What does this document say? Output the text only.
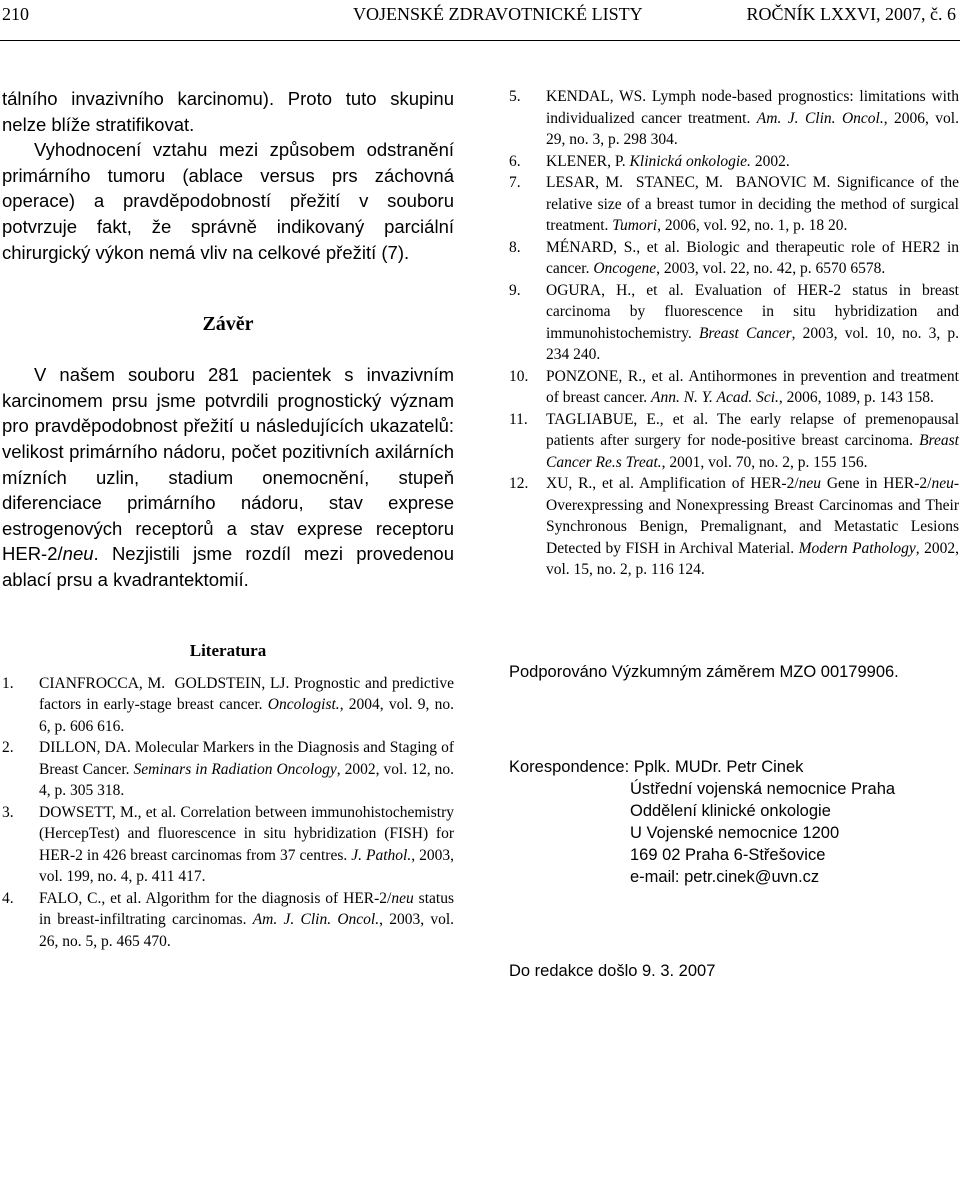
210	VOJENSKÉ ZDRAVOTNICKÉ LISTY	ROČNÍK LXXVI, 2007, č. 6

tálního invazivního karcinomu). Proto tuto skupinu nelze blíže stratifikovat.

Vyhodnocení vztahu mezi způsobem odstranění primárního tumoru (ablace versus prs záchovná operace) a pravděpodobností přežití v souboru potvrzuje fakt, že správně indikovaný parciální chirurgický výkon nemá vliv na celkové přežití (7).

Závěr

V našem souboru 281 pacientek s invazivním karcinomem prsu jsme potvrdili prognostický význam pro pravděpodobnost přežití u následujících ukazatelů: velikost primárního nádoru, počet pozitivních axilárních mízních uzlin, stadium onemocnění, stupeň diferenciace primárního nádoru, stav exprese estrogenových receptorů a stav exprese receptoru HER-2/neu. Nezjistili jsme rozdíl mezi provedenou ablací prsu a kvadrantektomií.

Literatura
1. CIANFROCCA, M.  GOLDSTEIN, LJ. Prognostic and predictive factors in early-stage breast cancer. Oncologist., 2004, vol. 9, no. 6, p. 606 616.
2. DILLON, DA. Molecular Markers in the Diagnosis and Staging of Breast Cancer. Seminars in Radiation Oncology, 2002, vol. 12, no. 4, p. 305 318.
3. DOWSETT, M., et al. Correlation between immunohistochemistry (HercepTest) and fluorescence in situ hybridization (FISH) for HER-2 in 426 breast carcinomas from 37 centres. J. Pathol., 2003, vol. 199, no. 4, p. 411 417.
4. FALO, C., et al. Algorithm for the diagnosis of HER-2/neu status in breast-infiltrating carcinomas. Am. J. Clin. Oncol., 2003, vol. 26, no. 5, p. 465 470.
5. KENDAL, WS. Lymph node-based prognostics: limitations with individualized cancer treatment. Am. J. Clin. Oncol., 2006, vol. 29, no. 3, p. 298 304.
6. KLENER, P. Klinická onkologie. 2002.
7. LESAR, M.  STANEC, M.  BANOVIC M. Significance of the relative size of a breast tumor in deciding the method of surgical treatment. Tumori, 2006, vol. 92, no. 1, p. 18 20.
8. MÉNARD, S., et al. Biologic and therapeutic role of HER2 in cancer. Oncogene, 2003, vol. 22, no. 42, p. 6570 6578.
9. OGURA, H., et al. Evaluation of HER-2 status in breast carcinoma by fluorescence in situ hybridization and immunohistochemistry. Breast Cancer, 2003, vol. 10, no. 3, p. 234 240.
10. PONZONE, R., et al. Antihormones in prevention and treatment of breast cancer. Ann. N. Y. Acad. Sci., 2006, 1089, p. 143 158.
11. TAGLIABUE, E., et al. The early relapse of premenopausal patients after surgery for node-positive breast carcinoma. Breast Cancer Re.s Treat., 2001, vol. 70, no. 2, p. 155 156.
12. XU, R., et al. Amplification of HER-2/neu Gene in HER-2/neu-Overexpressing and Nonexpressing Breast Carcinomas and Their Synchronous Benign, Premalignant, and Metastatic Lesions Detected by FISH in Archival Material. Modern Pathology, 2002, vol. 15, no. 2, p. 116 124.

Podporováno Výzkumným záměrem MZO 00179906.

Korespondence: Pplk. MUDr. Petr Cinek
Ústřední vojenská nemocnice Praha
Oddělení klinické onkologie
U Vojenské nemocnice 1200
169 02 Praha 6-Střešovice
e-mail: petr.cinek@uvn.cz

Do redakce došlo 9. 3. 2007
